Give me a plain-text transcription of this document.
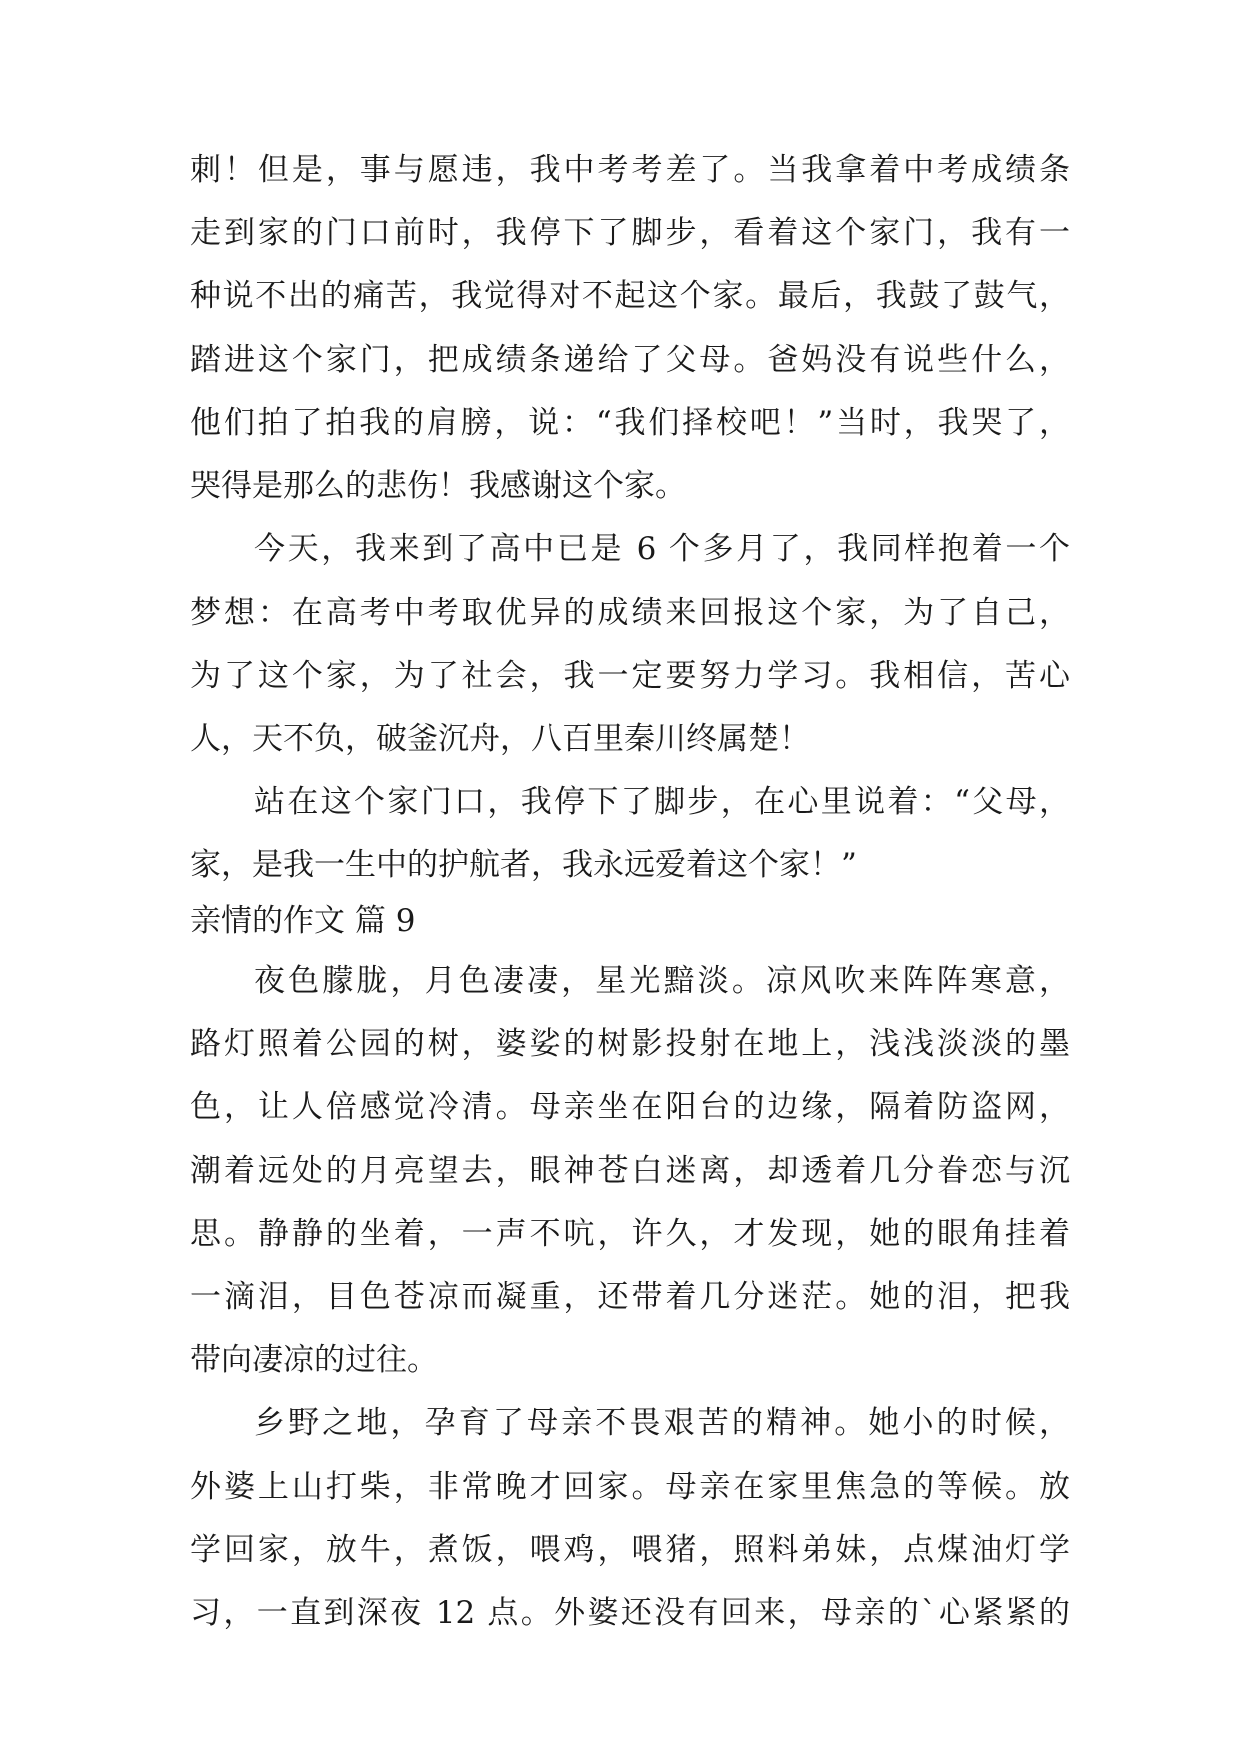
刺！但是，事与愿违，我中考考差了。当我拿着中考成绩条
走到家的门口前时，我停下了脚步，看着这个家门，我有一
种说不出的痛苦，我觉得对不起这个家。最后，我鼓了鼓气，
踏进这个家门，把成绩条递给了父母。爸妈没有说些什么，
他们拍了拍我的肩膀，说：“我们择校吧！”当时，我哭了，
哭得是那么的悲伤！我感谢这个家。
今天，我来到了高中已是 6 个多月了，我同样抱着一个
梦想：在高考中考取优异的成绩来回报这个家，为了自己，
为了这个家，为了社会，我一定要努力学习。我相信，苦心
人，天不负，破釜沉舟，八百里秦川终属楚！
站在这个家门口，我停下了脚步，在心里说着：“父母，
家，是我一生中的护航者，我永远爱着这个家！”
亲情的作文 篇 9
夜色朦胧，月色凄凄，星光黯淡。凉风吹来阵阵寒意，
路灯照着公园的树，婆娑的树影投射在地上，浅浅淡淡的墨
色，让人倍感觉冷清。母亲坐在阳台的边缘，隔着防盗网，
潮着远处的月亮望去，眼神苍白迷离，却透着几分眷恋与沉
思。静静的坐着，一声不吭，许久，才发现，她的眼角挂着
一滴泪，目色苍凉而凝重，还带着几分迷茫。她的泪，把我
带向凄凉的过往。
乡野之地，孕育了母亲不畏艰苦的精神。她小的时候，
外婆上山打柴，非常晚才回家。母亲在家里焦急的等候。放
学回家，放牛，煮饭，喂鸡，喂猪，照料弟妹，点煤油灯学
习，一直到深夜 12 点。外婆还没有回来，母亲的`心紧紧的
